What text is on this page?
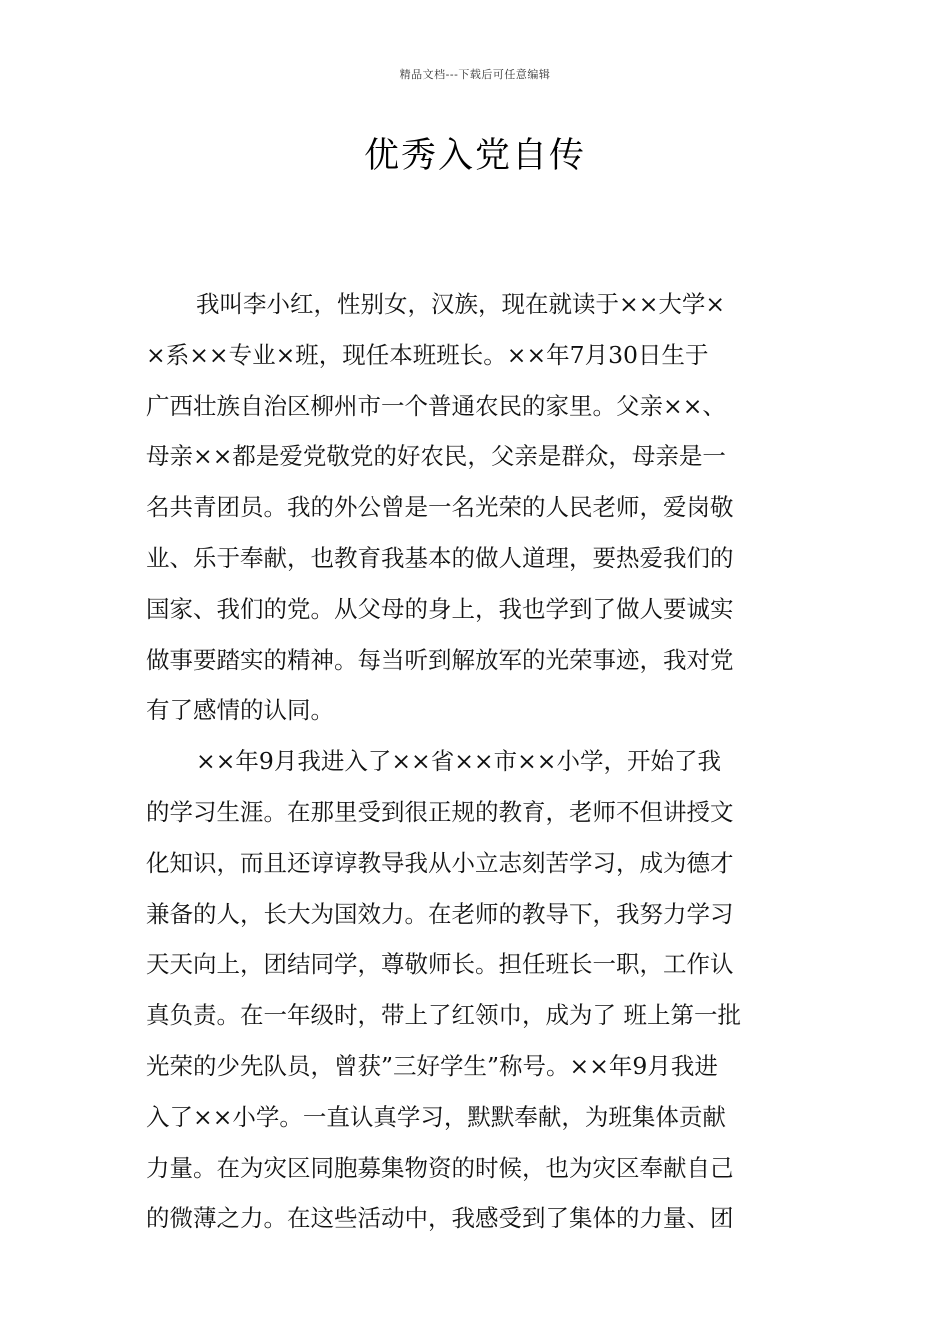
精品文档---下载后可任意编辑
优秀入党自传
我叫李小红，性别女，汉族，现在就读于××大学×
×系××专业×班，现任本班班长。××年7月30日生于
广西壮族自治区柳州市一个普通农民的家里。父亲××、
母亲××都是爱党敬党的好农民，父亲是群众，母亲是一
名共青团员。我的外公曾是一名光荣的人民老师，爱岗敬
业、乐于奉献，也教育我基本的做人道理，要热爱我们的
国家、我们的党。从父母的身上，我也学到了做人要诚实
做事要踏实的精神。每当听到解放军的光荣事迹，我对党
有了感情的认同。
××年9月我进入了××省××市××小学，开始了我
的学习生涯。在那里受到很正规的教育，老师不但讲授文
化知识，而且还谆谆教导我从小立志刻苦学习，成为德才
兼备的人，长大为国效力。在老师的教导下，我努力学习
天天向上，团结同学，尊敬师长。担任班长一职，工作认
真负责。在一年级时，带上了红领巾，成为了 班上第一批
光荣的少先队员，曾获”三好学生”称号。××年9月我进
入了××小学。一直认真学习，默默奉献，为班集体贡献
力量。在为灾区同胞募集物资的时候，也为灾区奉献自己
的微薄之力。在这些活动中，我感受到了集体的力量、团
